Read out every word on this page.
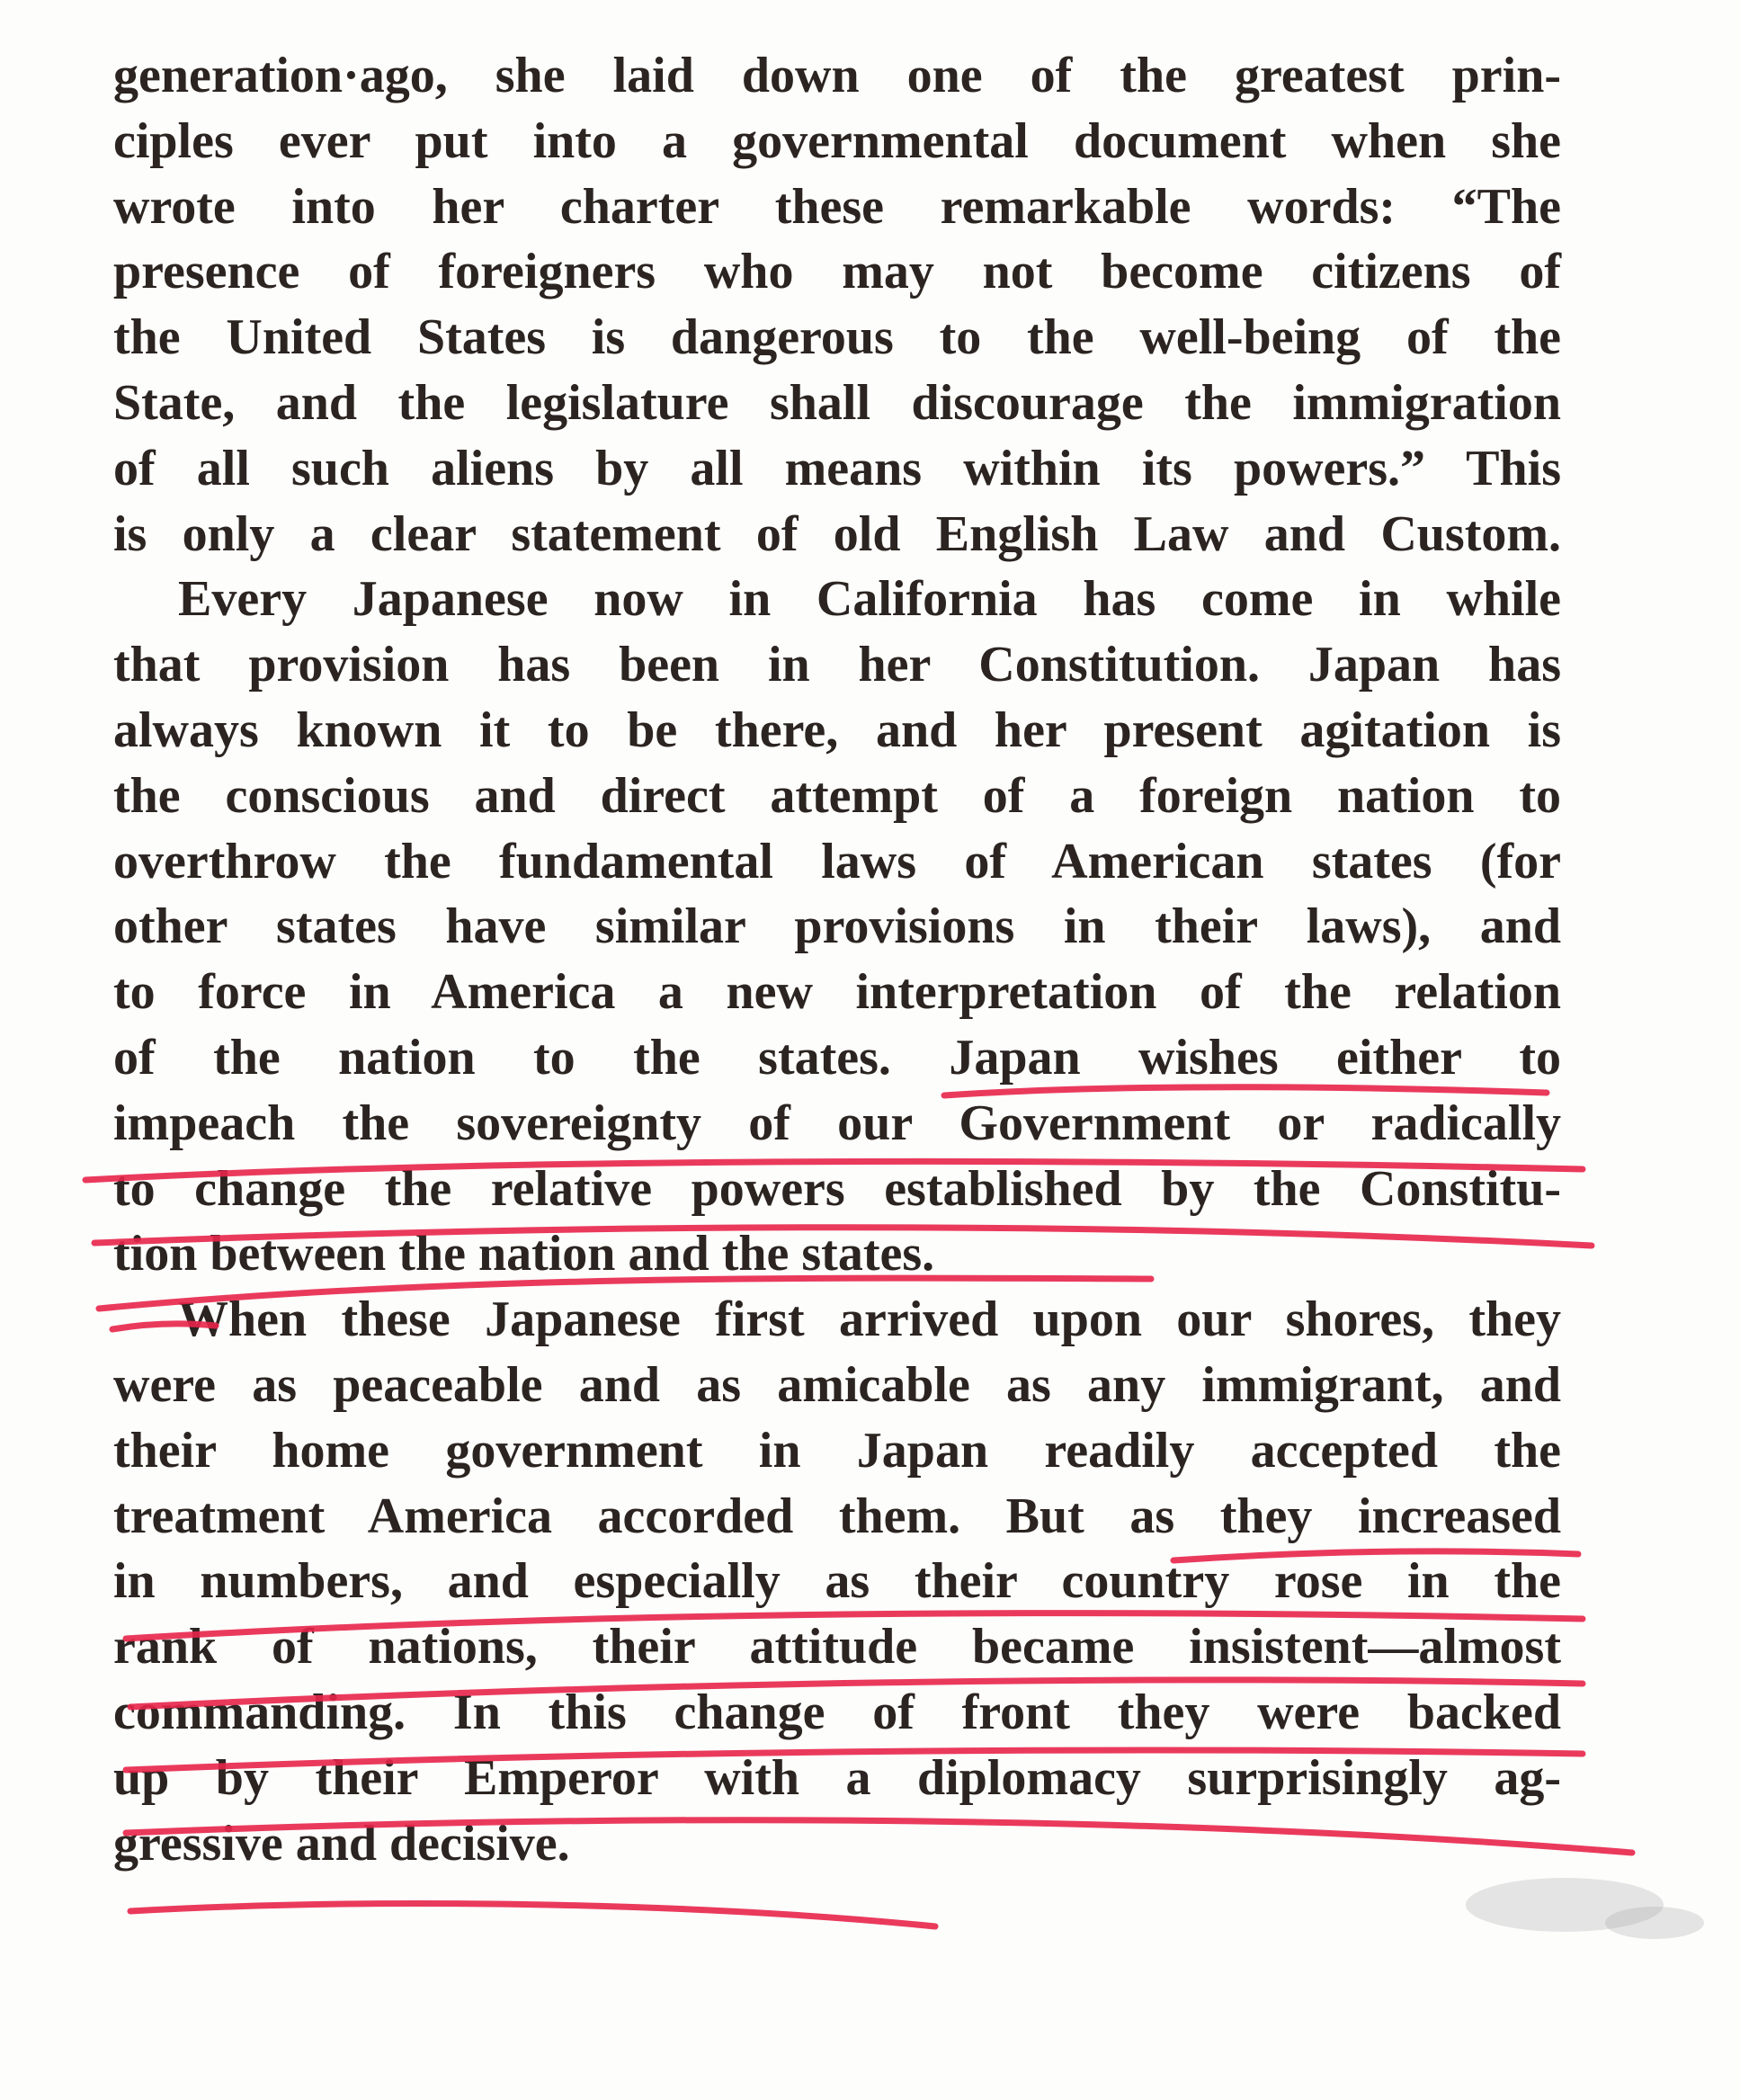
generation·ago, she laid down one of the greatest prin-
ciples ever put into a governmental document when she
wrote into her charter these remarkable words: “The
presence of foreigners who may not become citizens of
the United States is dangerous to the well-being of the
State, and the legislature shall discourage the immigration
of all such aliens by all means within its powers.” This
is only a clear statement of old English Law and Custom.
Every Japanese now in California has come in while
that provision has been in her Constitution. Japan has
always known it to be there, and her present agitation is
the conscious and direct attempt of a foreign nation to
overthrow the fundamental laws of American states (for
other states have similar provisions in their laws), and
to force in America a new interpretation of the relation
of the nation to the states. Japan wishes either to
impeach the sovereignty of our Government or radically
to change the relative powers established by the Constitu-
tion between the nation and the states.
When these Japanese first arrived upon our shores, they
were as peaceable and as amicable as any immigrant, and
their home government in Japan readily accepted the
treatment America accorded them. But as they increased
in numbers, and especially as their country rose in the
rank of nations, their attitude became insistent—almost
commanding. In this change of front they were backed
up by their Emperor with a diplomacy surprisingly ag-
gressive and decisive.
